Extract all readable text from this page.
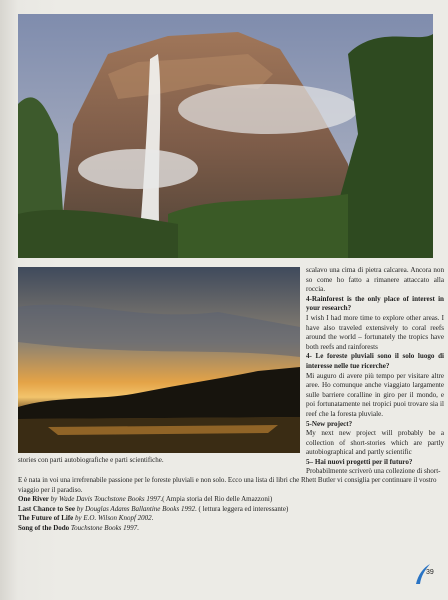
scalavo una cima di pietra calcarea. Ancora non so come ho fatto a rimanere attaccato alla roccia.

4-Rainforest is the only place of interest in your research?

I wish I had more time to explore other areas. I have also traveled extensively to coral reefs around the world – fortunately the tropics have both reefs and rainforests

4- Le foreste pluviali sono il solo luogo di interesse nelle tue ricerche?

Mi auguro di avere più tempo per visitare altre aree. Ho comunque anche viaggiato largamente sulle barriere coralline in giro per il mondo, e poi fortunatamente nei tropici puoi trovare sia il reef che la foresta pluviale.

5-New project?

My next new project will probably be a collection of short-stories which are partly autobiographical and partly scientific

5– Hai nuovi progetti per il futuro?

Probabilmente scriverò una collezione di short-

stories con parti autobiografiche e parti scientifiche.

E è nata in voi una irrefrenabile passione per le foreste pluviali e non solo. Ecco una lista di libri che Rhett Butler vi consiglia per continuare il vostro viaggio per il paradiso.

One River by Wade Davis Touchstone Books 1997.( Ampia storia del Rio delle Amazzoni)

Last Chance to See by Douglas Adams Ballantine Books 1992. ( lettura leggera ed interessante)

The Future of Life by E.O. Wilson Knopf 2002.

Song of the Dodo Touchstone Books 1997.

39
